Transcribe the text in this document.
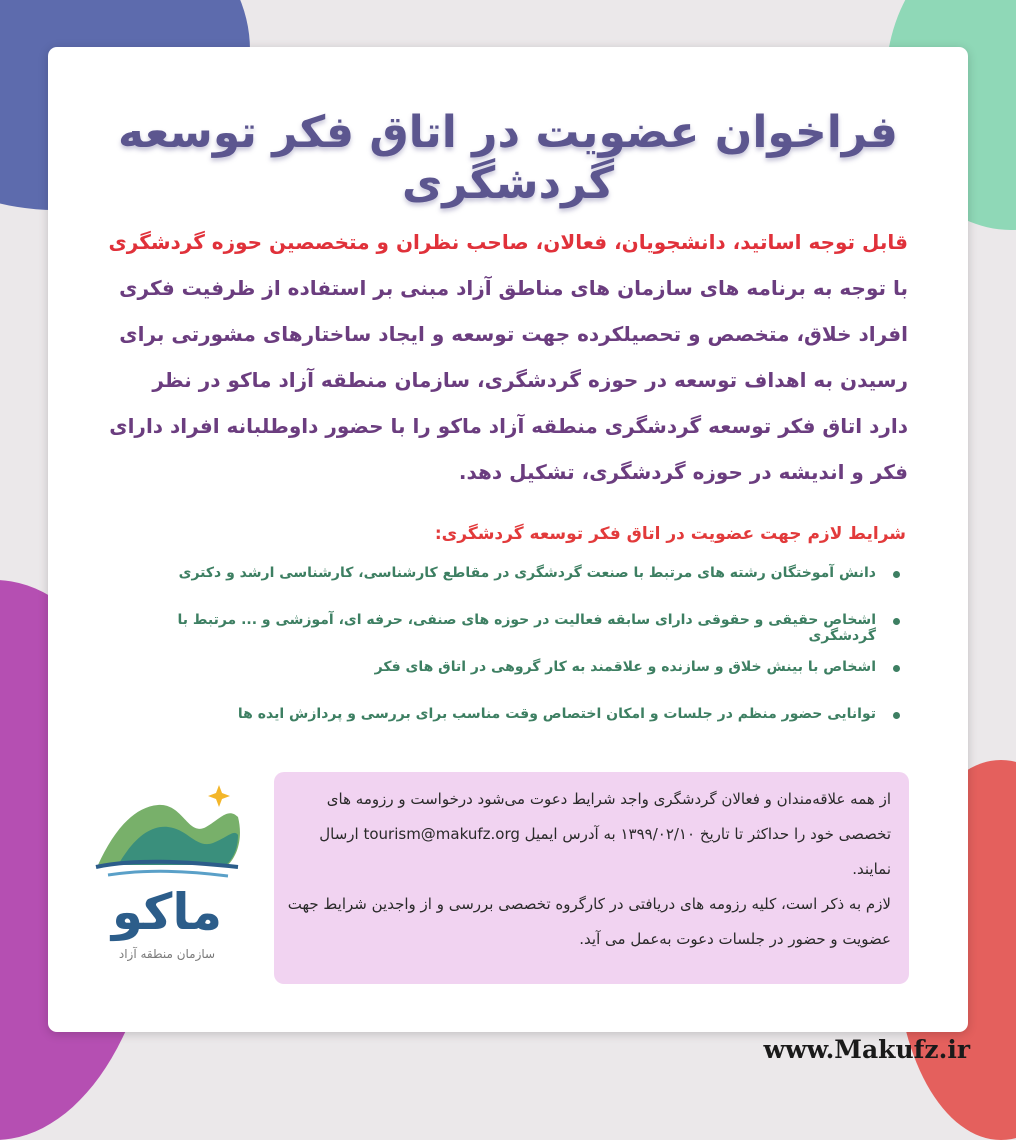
فراخوان عضویت در اتاق فکر توسعه گردشگری
قابل توجه اساتید، دانشجویان، فعالان، صاحب نظران و متخصصین حوزه گردشگری
با توجه به برنامه های سازمان های مناطق آزاد مبنی بر استفاده از ظرفیت فکری افراد خلاق، متخصص و تحصیلکرده جهت توسعه و ایجاد ساختارهای مشورتی برای رسیدن به اهداف توسعه در حوزه گردشگری، سازمان منطقه آزاد ماکو در نظر دارد اتاق فکر توسعه گردشگری منطقه آزاد ماکو را با حضور داوطلبانه افراد دارای فکر و اندیشه در حوزه گردشگری، تشکیل دهد.
شرایط لازم جهت عضویت در اتاق فکر توسعه گردشگری:
دانش آموختگان رشته های مرتبط با صنعت گردشگری در مقاطع کارشناسی، کارشناسی ارشد و دکتری
اشخاص حقیقی و حقوقی دارای سابقه فعالیت در حوزه های صنفی، حرفه ای، آموزشی و ... مرتبط با گردشگری
اشخاص با بینش خلاق و سازنده و علاقمند به کار گروهی در اتاق های فکر
توانایی حضور منظم در جلسات و امکان اختصاص وقت مناسب برای بررسی و پردازش ایده ها
از همه علاقه‌مندان و فعالان گردشگری واجد شرایط دعوت می‌شود درخواست و رزومه های تخصصی خود را حداکثر تا تاریخ ۱۳۹۹/۰۲/۱۰ به آدرس ایمیل tourism@makufz.org ارسال نمایند.
لازم به ذکر است، کلیه رزومه های دریافتی در کارگروه تخصصی بررسی و از واجدین شرایط جهت عضویت و حضور در جلسات دعوت به‌عمل می آید.
ماکو
سازمان منطقه آزاد
www.Makufz.ir
